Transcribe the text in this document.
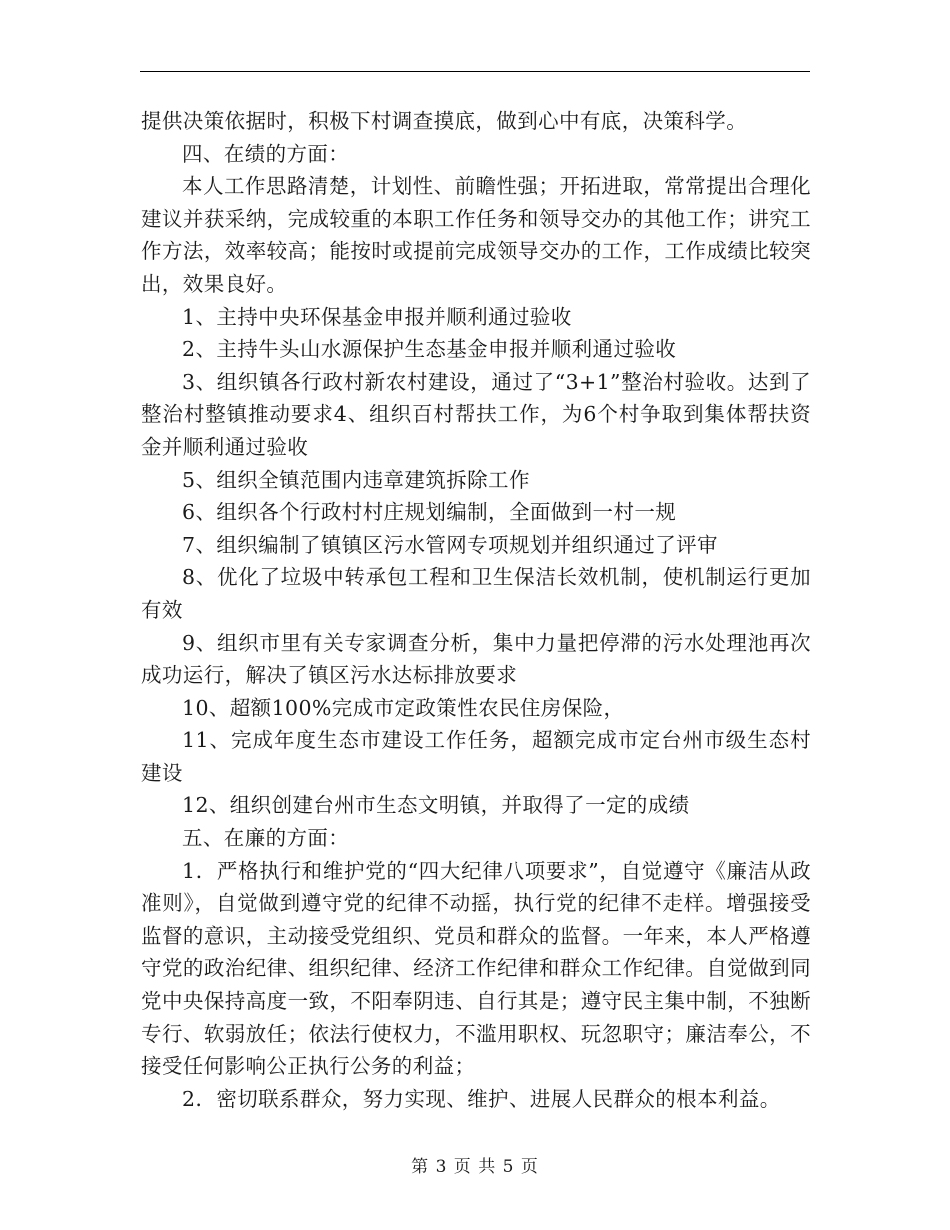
提供决策依据时，积极下村调查摸底，做到心中有底，决策科学。

四、在绩的方面：

本人工作思路清楚，计划性、前瞻性强；开拓进取，常常提出合理化建议并获采纳，完成较重的本职工作任务和领导交办的其他工作；讲究工作方法，效率较高；能按时或提前完成领导交办的工作，工作成绩比较突出，效果良好。

1、主持中央环保基金申报并顺利通过验收

2、主持牛头山水源保护生态基金申报并顺利通过验收

3、组织镇各行政村新农村建设，通过了“3+1”整治村验收。达到了整治村整镇推动要求4、组织百村帮扶工作，为6个村争取到集体帮扶资金并顺利通过验收

5、组织全镇范围内违章建筑拆除工作

6、组织各个行政村村庄规划编制，全面做到一村一规

7、组织编制了镇镇区污水管网专项规划并组织通过了评审

8、优化了垃圾中转承包工程和卫生保洁长效机制，使机制运行更加有效

9、组织市里有关专家调查分析，集中力量把停滞的污水处理池再次成功运行，解决了镇区污水达标排放要求

10、超额100%完成市定政策性农民住房保险，

11、完成年度生态市建设工作任务，超额完成市定台州市级生态村建设

12、组织创建台州市生态文明镇，并取得了一定的成绩

五、在廉的方面：

1．严格执行和维护党的“四大纪律八项要求”，自觉遵守《廉洁从政准则》，自觉做到遵守党的纪律不动摇，执行党的纪律不走样。增强接受监督的意识，主动接受党组织、党员和群众的监督。一年来，本人严格遵守党的政治纪律、组织纪律、经济工作纪律和群众工作纪律。自觉做到同党中央保持高度一致，不阳奉阴违、自行其是；遵守民主集中制，不独断专行、软弱放任；依法行使权力，不滥用职权、玩忽职守；廉洁奉公，不接受任何影响公正执行公务的利益；

2．密切联系群众，努力实现、维护、进展人民群众的根本利益。

第 3 页 共 5 页
